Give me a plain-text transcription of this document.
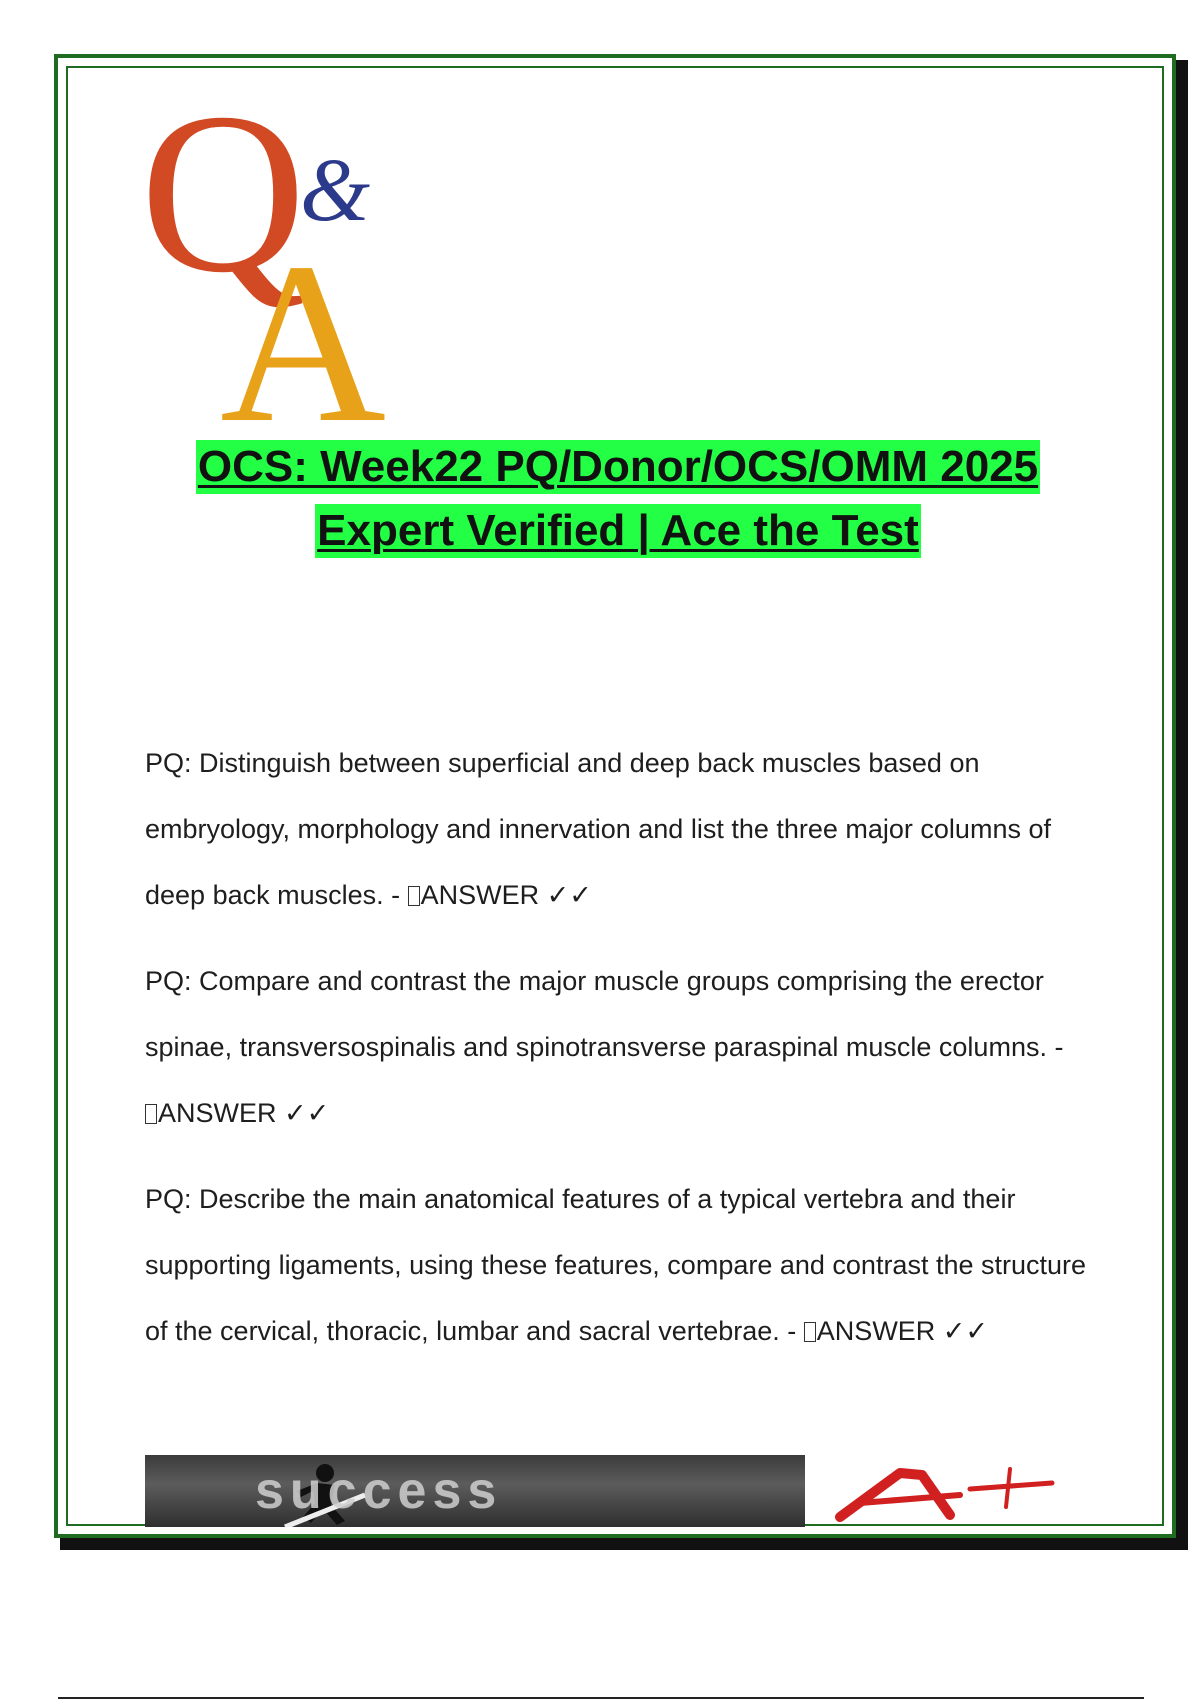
Q
&
A
OCS: Week22 PQ/Donor/OCS/OMM 2025
Expert Verified | Ace the Test
PQ: Distinguish between superficial and deep back muscles based on embryology, morphology and innervation and list the three major columns of deep back muscles. - ANSWER ✓✓
PQ: Compare and contrast the major muscle groups comprising the erector spinae, transversospinalis and spinotransverse paraspinal muscle columns. - ANSWER ✓✓
PQ: Describe the main anatomical features of a typical vertebra and their supporting ligaments, using these features, compare and contrast the structure of the cervical, thoracic, lumbar and sacral vertebrae. - ANSWER ✓✓
success
